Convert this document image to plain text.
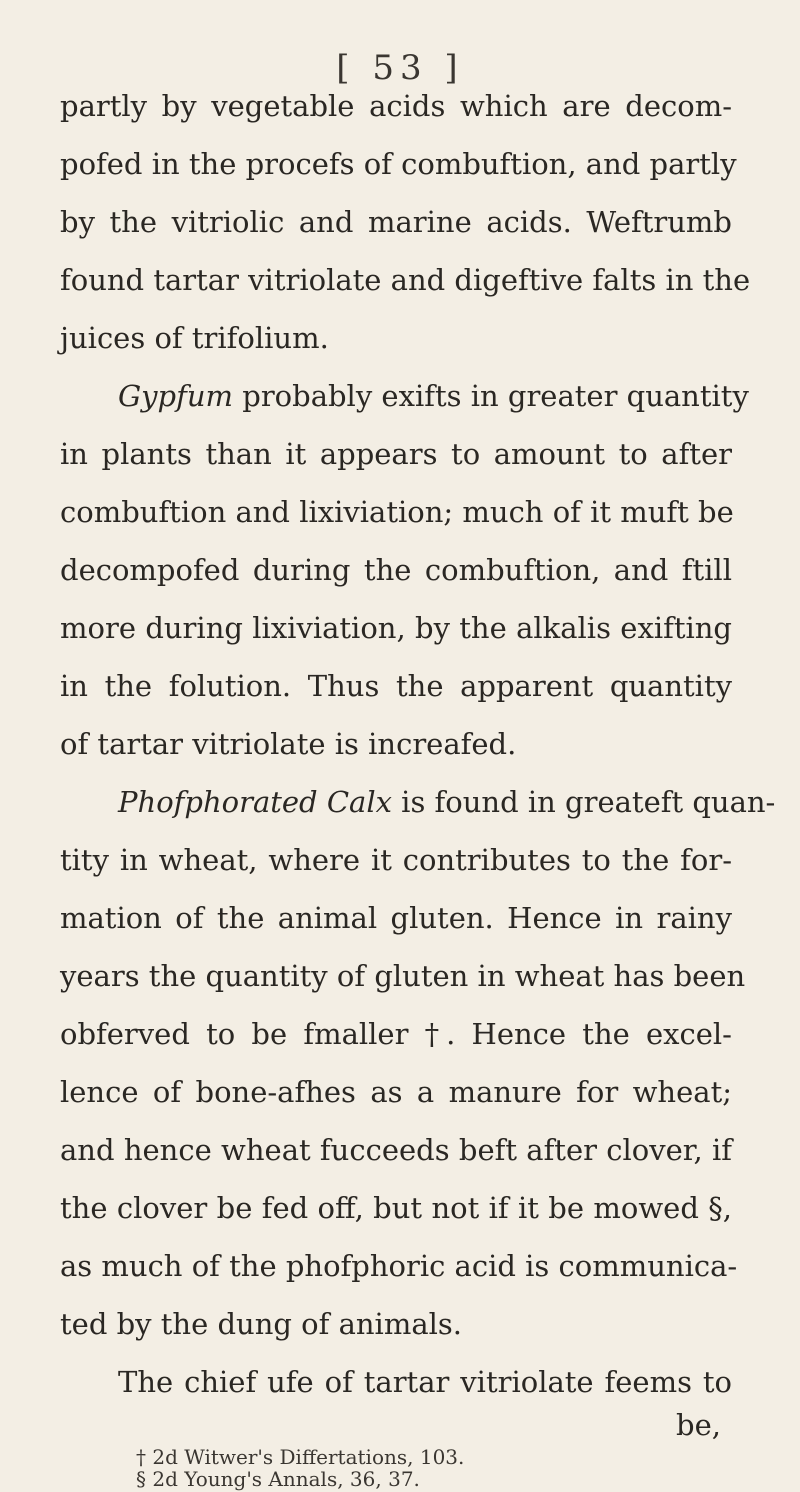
[ 53 ]
partly by vegetable acids which are decom-
pofed in the procefs of combuftion, and partly
by the vitriolic and marine acids. Weftrumb
found tartar vitriolate and digeftive falts in the
juices of trifolium.
Gypfum probably exifts in greater quantity
in plants than it appears to amount to after
combuftion and lixiviation; much of it muft be
decompofed during the combuftion, and ftill
more during lixiviation, by the alkalis exifting
in the folution. Thus the apparent quantity
of tartar vitriolate is increafed.
Phofphorated Calx is found in greateft quan-
tity in wheat, where it contributes to the for-
mation of the animal gluten. Hence in rainy
years the quantity of gluten in wheat has been
obferved to be fmaller †. Hence the excel-
lence of bone-afhes as a manure for wheat;
and hence wheat fucceeds beft after clover, if
the clover be fed off, but not if it be mowed §,
as much of the phofphoric acid is communica-
ted by the dung of animals.
The chief ufe of tartar vitriolate feems to
be,
† 2d Witwer's Differtations, 103.
§ 2d Young's Annals, 36, 37.
